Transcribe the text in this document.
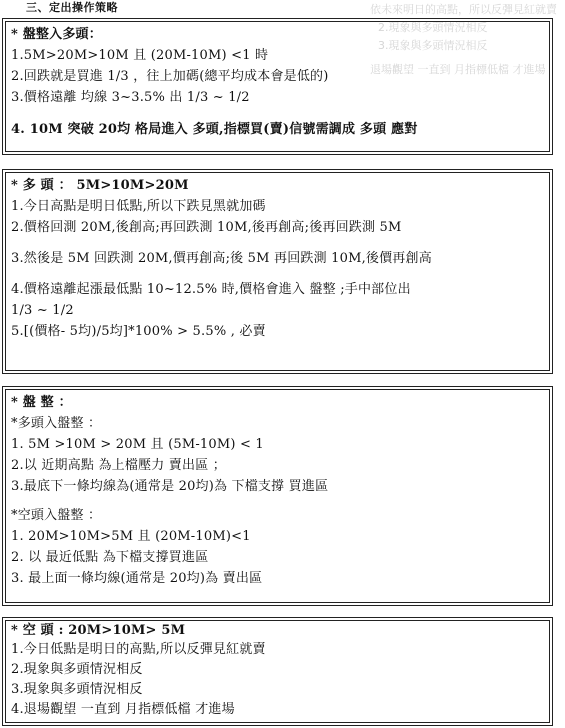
依未來明日的高點，所以反彈見紅就賣
2.現象與多頭情況相反
3.現象與多頭情況相反
退場觀望 一直到 月指標低檔 才進場
三、定出操作策略
* 盤整入多頭：
1.5M>20M>10M 且 (20M-10M) <1 時
2.回跌就是買進 1/3 ，往上加碼(總平均成本會是低的)
3.價格遠離 均線 3~3.5% 出 1/3 ~ 1/2
4. 10M 突破 20均 格局進入 多頭,指標買(賣)信號需調成 多頭 應對
* 多 頭 ： 5M>10M>20M
1.今日高點是明日低點,所以下跌見黑就加碼
2.價格回測 20M,後創高;再回跌測 10M,後再創高;後再回跌測 5M
3.然後是 5M 回跌測 20M,價再創高;後 5M 再回跌測 10M,後價再創高
4.價格遠離起漲最低點 10~12.5% 時,價格會進入 盤整 ;手中部位出
1/3 ~ 1/2
5.[(價格- 5均)/5均]*100% > 5.5% , 必賣
* 盤 整 ：
*多頭入盤整 ：
1. 5M >10M > 20M 且 (5M-10M) < 1
2.以 近期高點 為上檔壓力 賣出區 ；
3.最底下一條均線為(通常是 20均)為 下檔支撐 買進區
*空頭入盤整 ：
1. 20M>10M>5M 且 (20M-10M)<1
2. 以 最近低點 為下檔支撐買進區
3. 最上面一條均線(通常是 20均)為 賣出區
* 空 頭 : 20M>10M> 5M
1.今日低點是明日的高點,所以反彈見紅就賣
2.現象與多頭情況相反
3.現象與多頭情況相反
4.退場觀望 一直到 月指標低檔 才進場
